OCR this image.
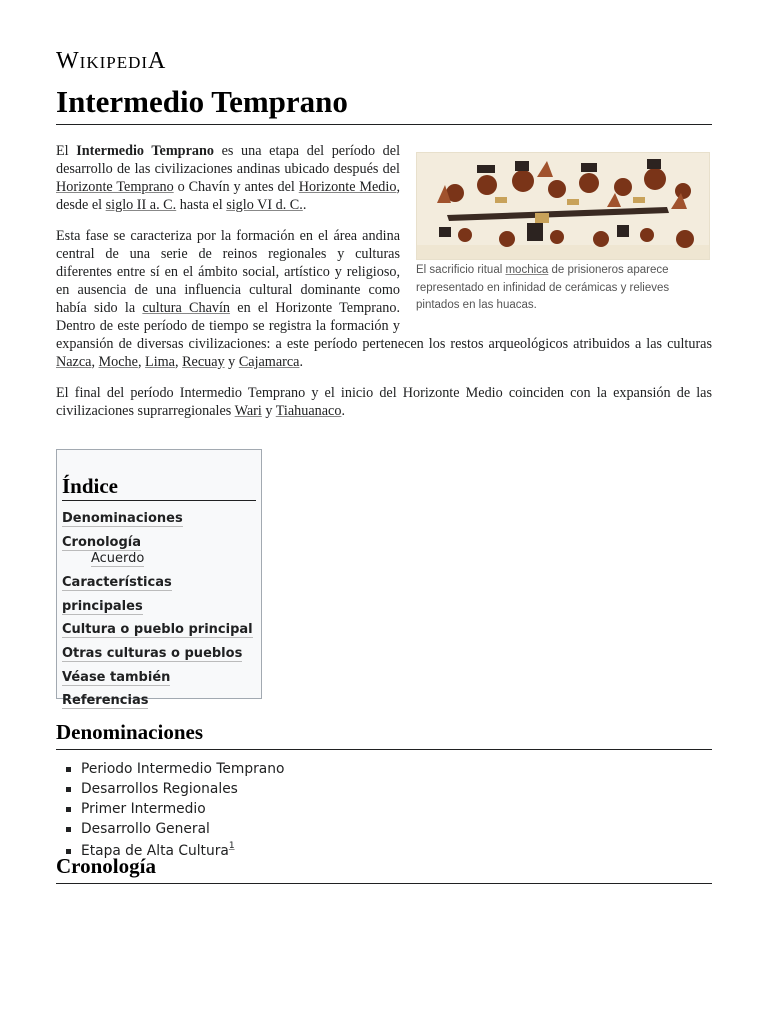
WIKIPEDIA
Intermedio Temprano
El sacrificio ritual mochica de prisioneros aparece representado en infinidad de cerámicas y relieves pintados en las huacas.

El Intermedio Temprano es una etapa del período del desarrollo de las civilizaciones andinas ubicado después del Horizonte Temprano o Chavín y antes del Horizonte Medio, desde el siglo II a. C. hasta el siglo VI d. C..

Esta fase se caracteriza por la formación en el área andina central de una serie de reinos regionales y culturas diferentes entre sí en el ámbito social, artístico y religioso, en ausencia de una influencia cultural dominante como había sido la cultura Chavín en el Horizonte Temprano. Dentro de este período de tiempo se registra la formación y expansión de diversas civilizaciones: a este período pertenecen los restos arqueológicos atribuidos a las culturas Nazca, Moche, Lima, Recuay y Cajamarca.

El final del período Intermedio Temprano y el inicio del Horizonte Medio coinciden con la expansión de las civilizaciones suprarregionales Wari y Tiahuanaco.

Índice
Denominaciones
Cronología
Acuerdo
Características principales
Cultura o pueblo principal
Otras culturas o pueblos
Véase también
Referencias
Denominaciones
Periodo Intermedio Temprano
Desarrollos Regionales
Primer Intermedio
Desarrollo General
Etapa de Alta Cultura$^1$
Cronología
